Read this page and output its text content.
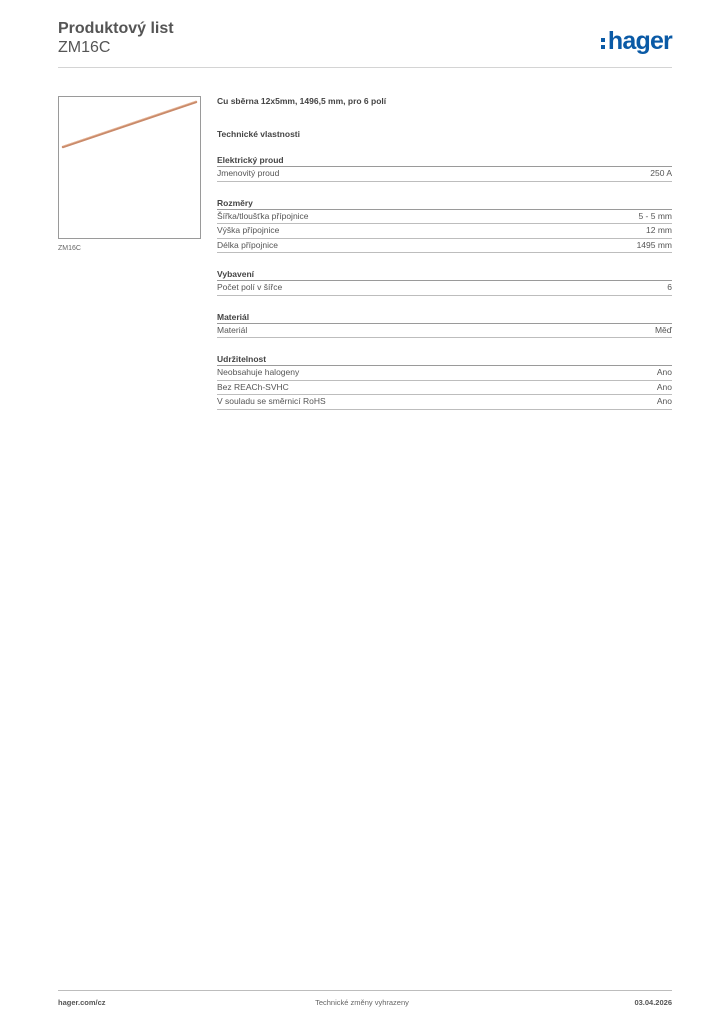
Produktový list
ZM16C	hager
ZM16C
Cu sběrna 12x5mm, 1496,5 mm, pro 6 polí
Technické vlastnosti
Elektrický proud
Jmenovitý proud	250 A
Rozměry
Šířka/tloušťka přípojnice	5 - 5 mm
Výška přípojnice	12 mm
Délka přípojnice	1495 mm
Vybavení
Počet polí v šířce	6
Materiál
Materiál	Měď
Udržitelnost
Neobsahuje halogeny	Ano
Bez REACh-SVHC	Ano
V souladu se směrnicí RoHS	Ano
hager.com/cz	Technické změny vyhrazeny	03.04.2026
